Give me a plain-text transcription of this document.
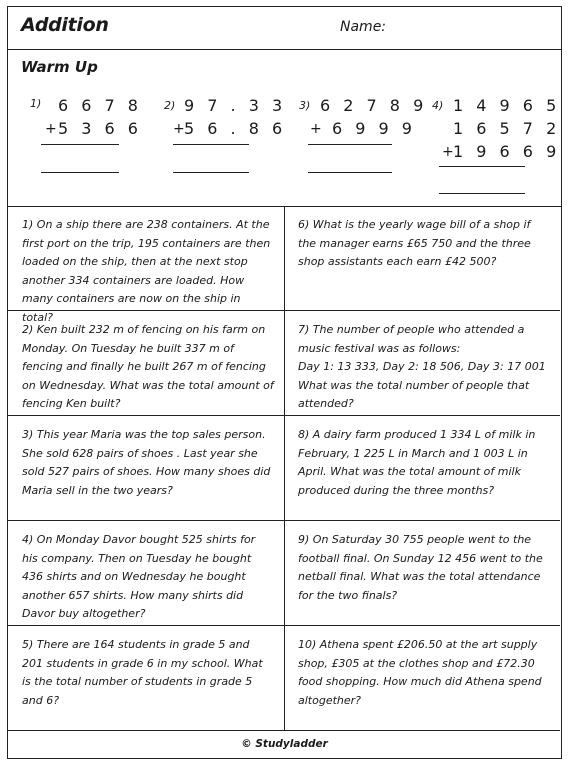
Addition	Name:
Warm Up
1) 6 6 7 8
+ 5 3 6 6
2) 9 7 . 3 3
+ 5 6 . 8 6
3) 6 2 7 8 9
+ 6 9 9 9
4) 1 4 9 6 5
1 6 5 7 2
+ 1 9 6 6 9
1) On a ship there are 238 containers. At the first port on the trip, 195 containers are then loaded on the ship, then at the next stop another 334 containers are loaded. How many containers are now on the ship in total?
6) What is the yearly wage bill of a shop if the manager earns £65 750 and the three shop assistants each earn £42 500?
2) Ken built 232 m of fencing on his farm on Monday. On Tuesday he built 337 m of fencing and finally he built 267 m of fencing on Wednesday. What was the total amount of fencing Ken built?
7) The number of people who attended a music festival was as follows:
Day 1: 13 333, Day 2: 18 506, Day 3: 17 001
What was the total number of people that attended?
3) This year Maria was the top sales person. She sold 628 pairs of shoes . Last year she sold 527 pairs of shoes. How many shoes did Maria sell in the two years?
8) A dairy farm produced 1 334 L of milk in February, 1 225 L in March and 1 003 L in April. What was the total amount of milk produced during the three months?
4) On Monday Davor bought 525 shirts for his company. Then on Tuesday he bought 436 shirts and on Wednesday he bought another 657 shirts. How many shirts did Davor buy altogether?
9) On Saturday 30 755 people went to the football final. On Sunday 12 456 went to the netball final. What was the total attendance for the two finals?
5) There are 164 students in grade 5 and 201 students in grade 6 in my school. What is the total number of students in grade 5 and 6?
10) Athena spent £206.50 at the art supply shop, £305 at the clothes shop and £72.30 food shopping. How much did Athena spend altogether?
© Studyladder
